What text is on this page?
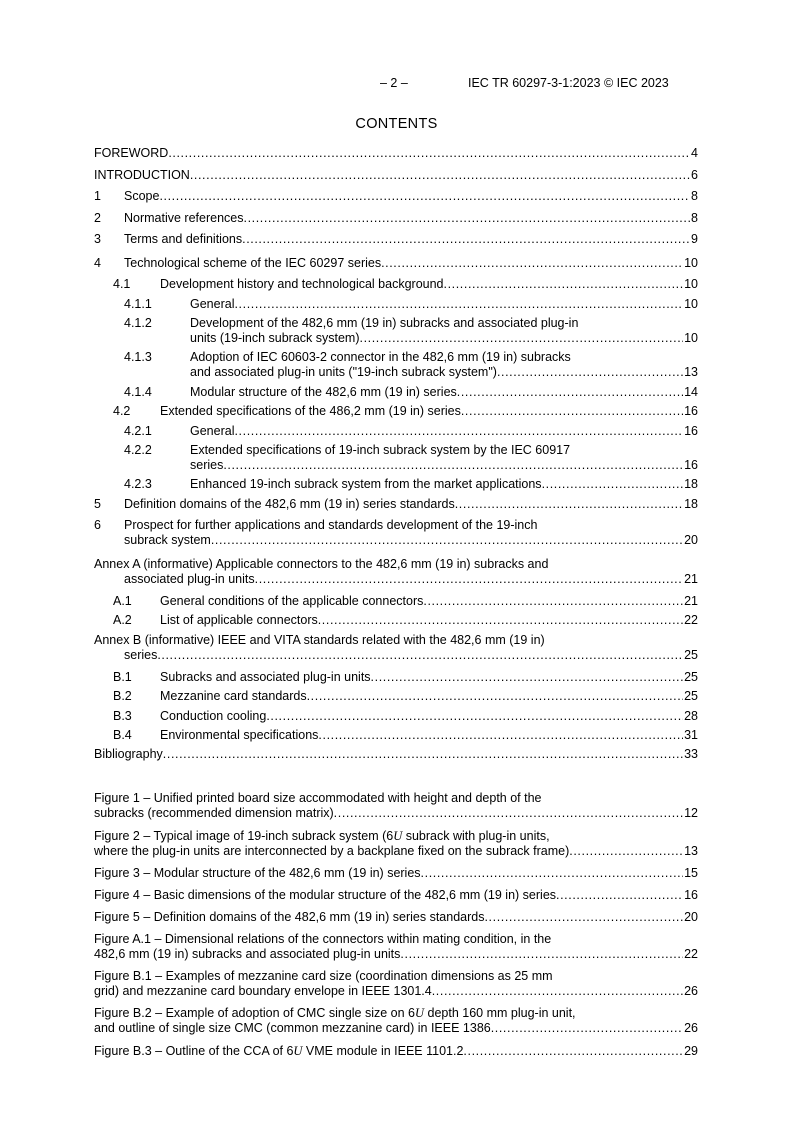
– 2 –	IEC TR 60297-3-1:2023 © IEC 2023
CONTENTS
FOREWORD .....	4
INTRODUCTION .....	6
1	Scope .....	8
2	Normative references .....	8
3	Terms and definitions .....	9
4	Technological scheme of the IEC 60297 series .....	10
4.1	Development history and technological background .....	10
4.1.1	General .....	10
4.1.2	Development of the 482,6 mm (19 in) subracks and associated plug-in
units (19-inch subrack system) .....	10
4.1.3	Adoption of IEC 60603-2 connector in the 482,6 mm (19 in) subracks
and associated plug-in units ("19-inch subrack system") .....	13
4.1.4	Modular structure of the 482,6 mm (19 in) series .....	14
4.2	Extended specifications of the 486,2 mm (19 in) series .....	16
4.2.1	General .....	16
4.2.2	Extended specifications of 19-inch subrack system by the IEC 60917
series .....	16
4.2.3	Enhanced 19-inch subrack system from the market applications .....	18
5	Definition domains of the 482,6 mm (19 in) series standards .....	18
6 Prospect for further applications and standards development of the 19-inch
subrack system .....	20
Annex A (informative) Applicable connectors to the 482,6 mm (19 in) subracks and
associated plug-in units .....	21
A.1	General conditions of the applicable connectors .....	21
A.2	List of applicable connectors .....	22
Annex B (informative) IEEE and VITA standards related with the 482,6 mm (19 in)
series .....	25
B.1	Subracks and associated plug-in units .....	25
B.2	Mezzanine card standards .....	25
B.3	Conduction cooling .....	28
B.4	Environmental specifications .....	31
Bibliography .....	33
Figure 1 – Unified printed board size accommodated with height and depth of the
subracks (recommended dimension matrix) .....	12
Figure 2 – Typical image of 19-inch subrack system (6U subrack with plug-in units,
where the plug-in units are interconnected by a backplane fixed on the subrack frame) .....	13
Figure 3 – Modular structure of the 482,6 mm (19 in) series .....	15
Figure 4 – Basic dimensions of the modular structure of the 482,6 mm (19 in) series .....	16
Figure 5 – Definition domains of the 482,6 mm (19 in) series standards .....	20
Figure A.1 – Dimensional relations of the connectors within mating condition, in the
482,6 mm (19 in) subracks and associated plug-in units .....	22
Figure B.1 – Examples of mezzanine card size (coordination dimensions as 25 mm
grid) and mezzanine card boundary envelope in IEEE 1301.4 .....	26
Figure B.2 – Example of adoption of CMC single size on 6U depth 160 mm plug-in unit,
and outline of single size CMC (common mezzanine card) in IEEE 1386 .....	26
Figure B.3 – Outline of the CCA of 6U VME module in IEEE 1101.2 .....	29
